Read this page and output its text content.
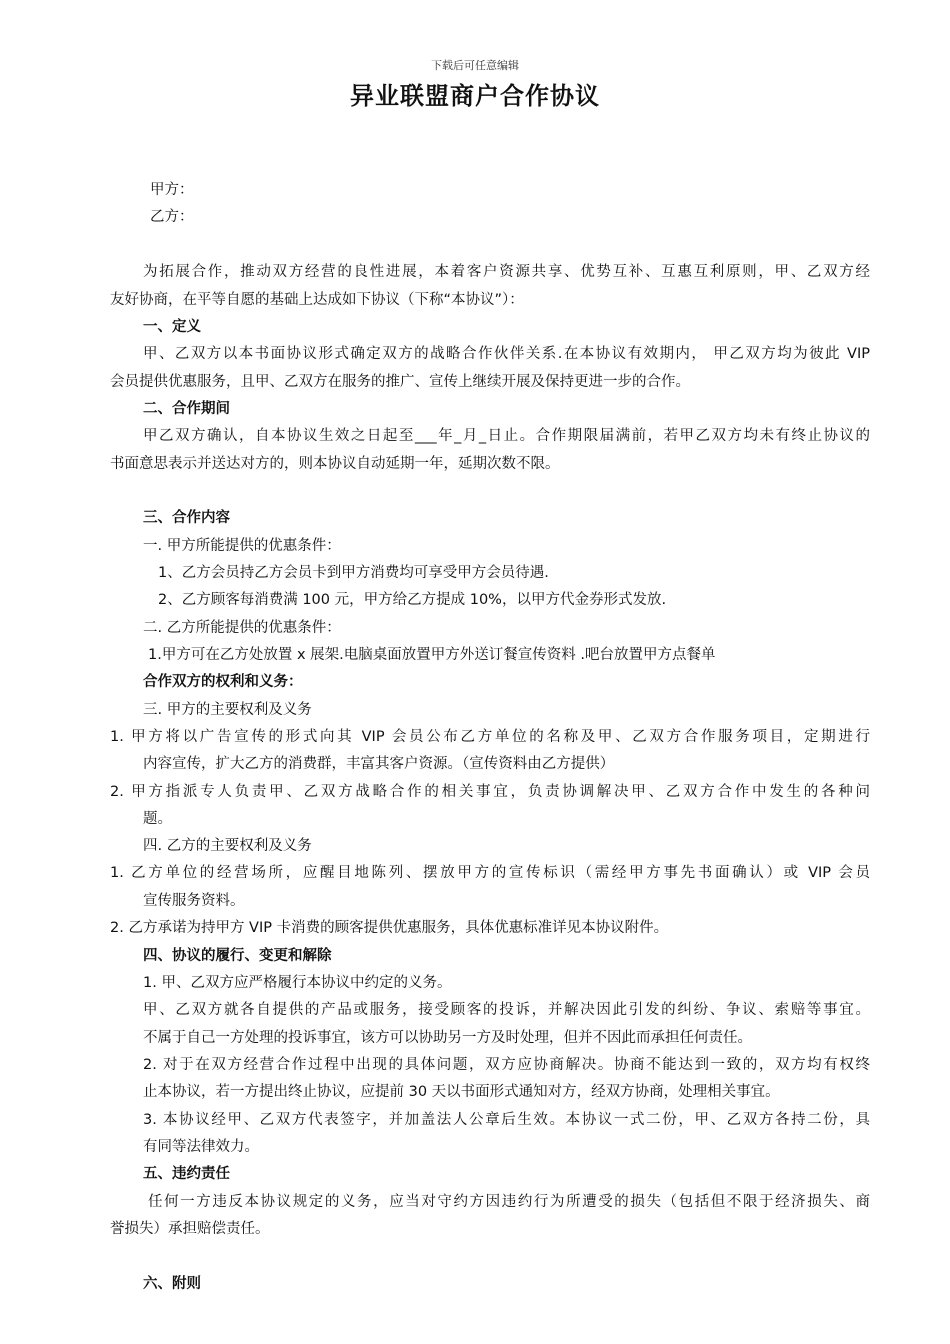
下载后可任意编辑
异业联盟商户合作协议
甲方：
乙方：
为拓展合作，推动双方经营的良性进展，本着客户资源共享、优势互补、互惠互利原则，甲、乙双方经
友好协商，在平等自愿的基础上达成如下协议（下称“本协议”）：
一、定义
甲、乙双方以本书面协议形式确定双方的战略合作伙伴关系.在本协议有效期内， 甲乙双方均为彼此 VIP
会员提供优惠服务，且甲、乙双方在服务的推广、宣传上继续开展及保持更进一步的合作。
二、合作期间
甲乙双方确认，自本协议生效之日起至___年_月_日止。合作期限届满前，若甲乙双方均未有终止协议的
书面意思表示并送达对方的，则本协议自动延期一年，延期次数不限。
三、合作内容
一. 甲方所能提供的优惠条件：
1、乙方会员持乙方会员卡到甲方消费均可享受甲方会员待遇.
2、乙方顾客每消费满 100 元，甲方给乙方提成 10%，以甲方代金券形式发放.
二. 乙方所能提供的优惠条件：
1.甲方可在乙方处放置 x 展架.电脑桌面放置甲方外送订餐宣传资料 .吧台放置甲方点餐单
合作双方的权利和义务：
三. 甲方的主要权利及义务
1. 甲方将以广告宣传的形式向其 VIP 会员公布乙方单位的名称及甲、乙双方合作服务项目，定期进行
内容宣传，扩大乙方的消费群，丰富其客户资源。（宣传资料由乙方提供）
2. 甲方指派专人负责甲、乙双方战略合作的相关事宜，负责协调解决甲、乙双方合作中发生的各种问
题。
四. 乙方的主要权利及义务
1. 乙方单位的经营场所，应醒目地陈列、摆放甲方的宣传标识（需经甲方事先书面确认）或 VIP 会员
宣传服务资料。
2. 乙方承诺为持甲方 VIP 卡消费的顾客提供优惠服务，具体优惠标准详见本协议附件。
四、协议的履行、变更和解除
1. 甲、乙双方应严格履行本协议中约定的义务。
甲、乙双方就各自提供的产品或服务，接受顾客的投诉，并解决因此引发的纠纷、争议、索赔等事宜。
不属于自己一方处理的投诉事宜，该方可以协助另一方及时处理，但并不因此而承担任何责任。
2. 对于在双方经营合作过程中出现的具体问题，双方应协商解决。协商不能达到一致的，双方均有权终
止本协议，若一方提出终止协议，应提前 30 天以书面形式通知对方，经双方协商，处理相关事宜。
3. 本协议经甲、乙双方代表签字，并加盖法人公章后生效。本协议一式二份，甲、乙双方各持二份，具
有同等法律效力。
五、违约责任
任何一方违反本协议规定的义务，应当对守约方因违约行为所遭受的损失（包括但不限于经济损失、商
誉损失）承担赔偿责任。
六、附则
